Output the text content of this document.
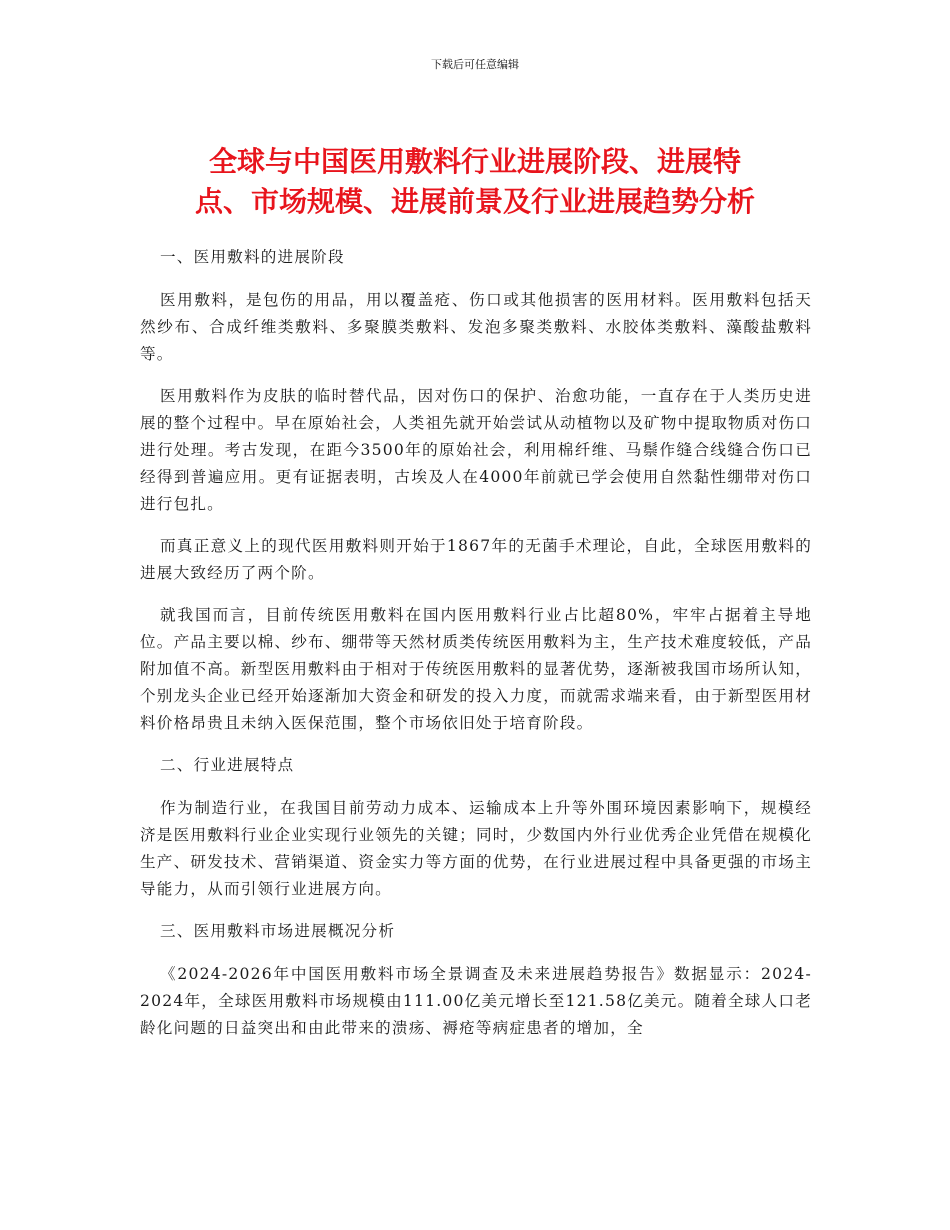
下载后可任意编辑
全球与中国医用敷料行业进展阶段、进展特
点、市场规模、进展前景及行业进展趋势分析

一、医用敷料的进展阶段

医用敷料，是包伤的用品，用以覆盖疮、伤口或其他损害的医用材料。医用敷料包括天然纱布、合成纤维类敷料、多聚膜类敷料、发泡多聚类敷料、水胶体类敷料、藻酸盐敷料等。

医用敷料作为皮肤的临时替代品，因对伤口的保护、治愈功能，一直存在于人类历史进展的整个过程中。早在原始社会，人类祖先就开始尝试从动植物以及矿物中提取物质对伤口进行处理。考古发现，在距今3500年的原始社会，利用棉纤维、马鬃作缝合线缝合伤口已经得到普遍应用。更有证据表明，古埃及人在4000年前就已学会使用自然黏性绷带对伤口进行包扎。

而真正意义上的现代医用敷料则开始于1867年的无菌手术理论，自此，全球医用敷料的进展大致经历了两个阶。

就我国而言，目前传统医用敷料在国内医用敷料行业占比超80%，牢牢占据着主导地位。产品主要以棉、纱布、绷带等天然材质类传统医用敷料为主，生产技术难度较低，产品附加值不高。新型医用敷料由于相对于传统医用敷料的显著优势，逐渐被我国市场所认知，个别龙头企业已经开始逐渐加大资金和研发的投入力度，而就需求端来看，由于新型医用材料价格昂贵且未纳入医保范围，整个市场依旧处于培育阶段。

二、行业进展特点

作为制造行业，在我国目前劳动力成本、运输成本上升等外围环境因素影响下，规模经济是医用敷料行业企业实现行业领先的关键；同时，少数国内外行业优秀企业凭借在规模化生产、研发技术、营销渠道、资金实力等方面的优势，在行业进展过程中具备更强的市场主导能力，从而引领行业进展方向。

三、医用敷料市场进展概况分析

《2024-2026年中国医用敷料市场全景调查及未来进展趋势报告》数据显示：2024-2024年，全球医用敷料市场规模由111.00亿美元增长至121.58亿美元。随着全球人口老龄化问题的日益突出和由此带来的溃疡、褥疮等病症患者的增加，全
